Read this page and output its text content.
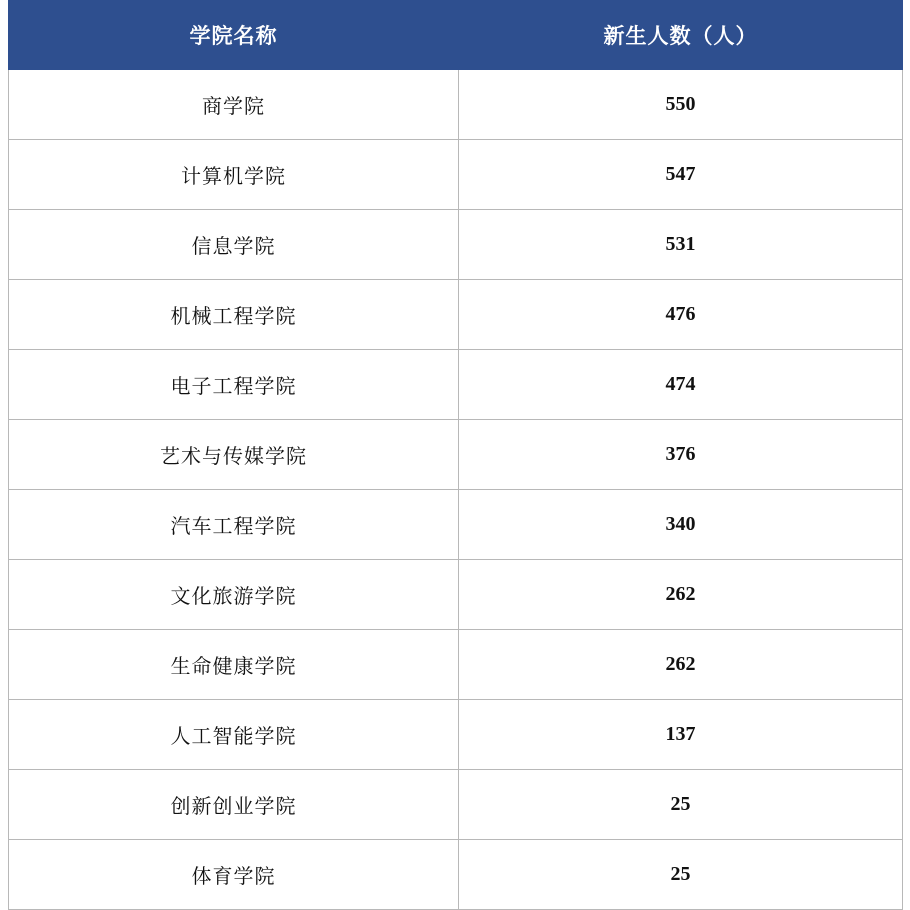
学院名称	新生人数（人）
商学院	550
计算机学院	547
信息学院	531
机械工程学院	476
电子工程学院	474
艺术与传媒学院	376
汽车工程学院	340
文化旅游学院	262
生命健康学院	262
人工智能学院	137
创新创业学院	25
体育学院	25
